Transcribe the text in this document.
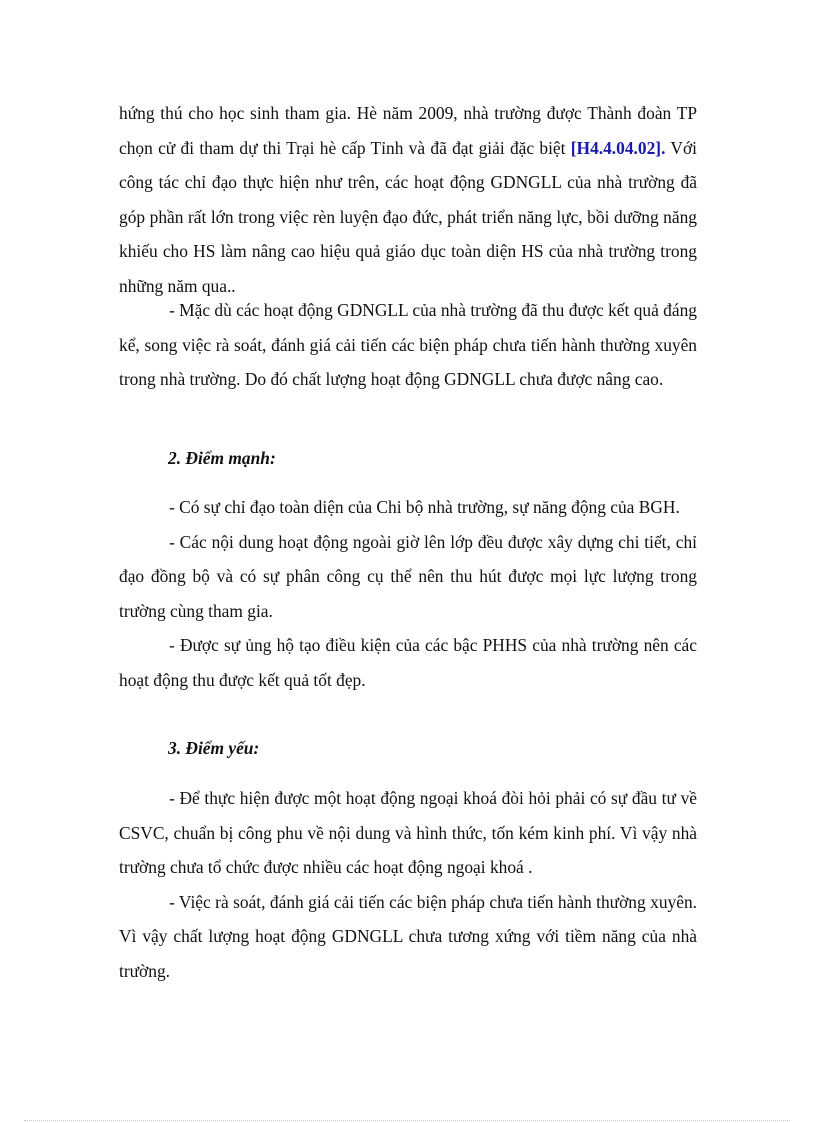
hứng thú cho học sinh tham gia. Hè năm 2009, nhà trường được Thành đoàn TP chọn cử đi tham dự thi Trại hè cấp Tỉnh và đã đạt giải đặc biệt [H4.4.04.02]. Với công tác chỉ đạo thực hiện như trên, các hoạt động GDNGLL của nhà trường đã góp phần rất lớn trong việc rèn luyện đạo đức, phát triển năng lực, bồi dưỡng năng khiếu cho HS làm nâng cao hiệu quả giáo dục toàn diện HS của nhà trường trong những năm qua..

- Mặc dù các hoạt động GDNGLL của nhà trường đã thu được kết quả đáng kể, song việc rà soát, đánh giá cải tiến các biện pháp chưa tiến hành thường xuyên trong nhà trường. Do đó chất lượng hoạt động GDNGLL chưa được nâng cao.

2. Điểm mạnh:

- Có sự chỉ đạo toàn diện của Chi bộ nhà trường, sự năng động của BGH.

- Các nội dung hoạt động ngoài giờ lên lớp đều được xây dựng chi tiết, chỉ đạo đồng bộ và có sự phân công cụ thể nên thu hút được mọi lực lượng trong trường cùng tham gia.

- Được sự ủng hộ tạo điều kiện của các bậc PHHS của nhà trường nên các hoạt động thu được kết quả tốt đẹp.

3. Điểm yếu:

- Để thực hiện được một hoạt động ngoại khoá đòi hỏi phải có sự đầu tư về CSVC, chuẩn bị công phu về nội dung và hình thức, tốn kém kinh phí. Vì vậy nhà trường chưa tổ chức được nhiều các hoạt động ngoại khoá .

- Việc rà soát, đánh giá cải tiến các biện pháp chưa tiến hành thường xuyên. Vì vậy chất lượng hoạt động GDNGLL chưa tương xứng với tiềm năng của nhà trường.
